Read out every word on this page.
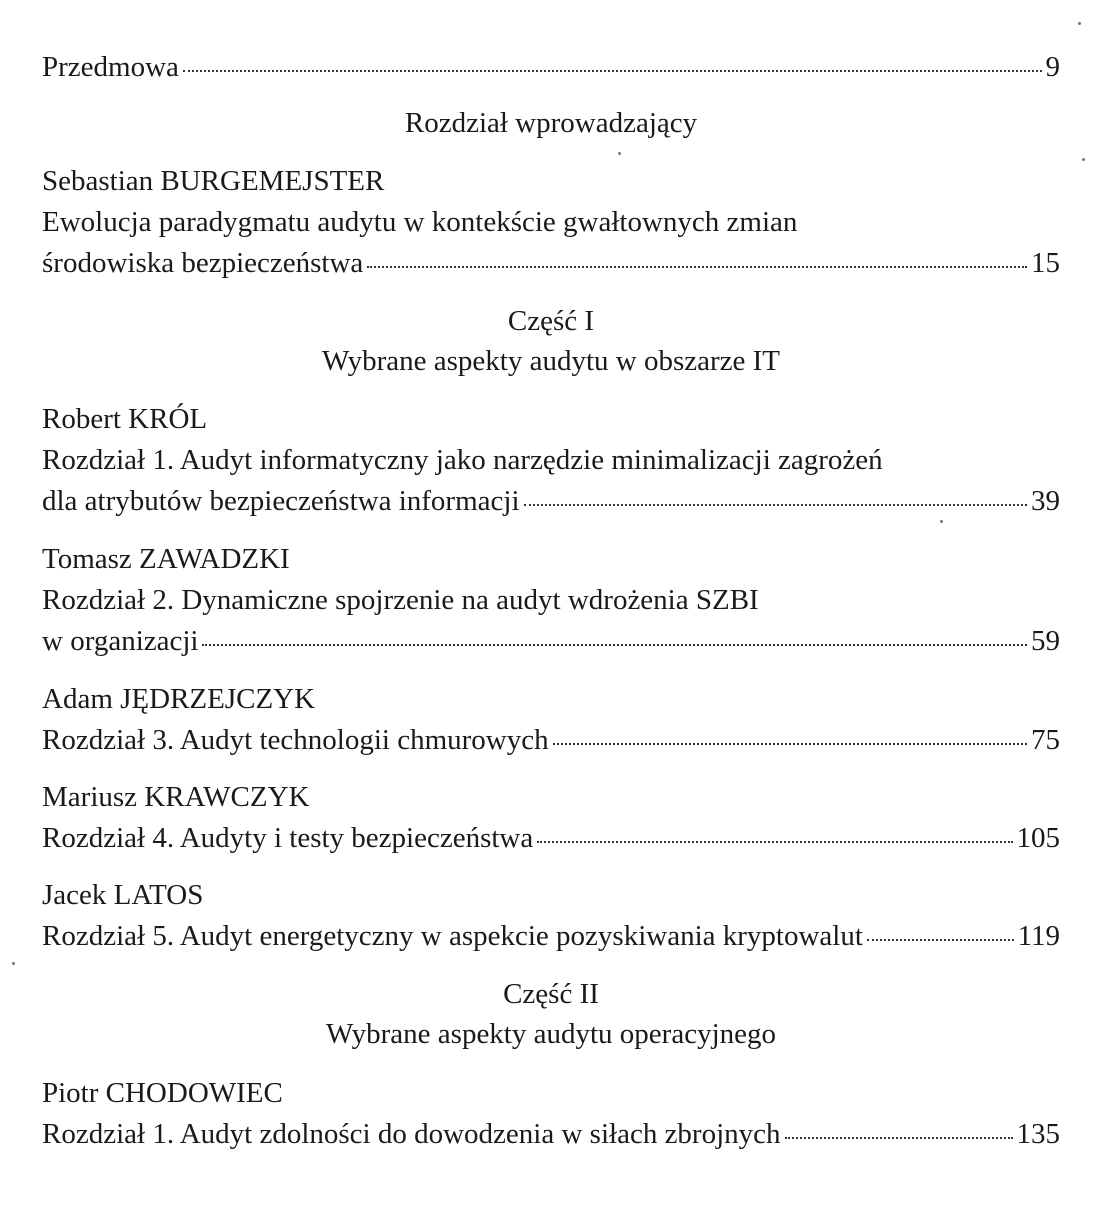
Przedmowa	9
Rozdział wprowadzający
Sebastian BURGEMEJSTER
Ewolucja paradygmatu audytu w kontekście gwałtownych zmian
środowiska bezpieczeństwa	15
Część I
Wybrane aspekty audytu w obszarze IT
Robert KRÓL
Rozdział 1. Audyt informatyczny jako narzędzie minimalizacji zagrożeń
dla atrybutów bezpieczeństwa informacji	39
Tomasz ZAWADZKI
Rozdział 2. Dynamiczne spojrzenie na audyt wdrożenia SZBI
w organizacji	59
Adam JĘDRZEJCZYK
Rozdział 3. Audyt technologii chmurowych	75
Mariusz KRAWCZYK
Rozdział 4. Audyty i testy bezpieczeństwa	105
Jacek LATOS
Rozdział 5. Audyt energetyczny w aspekcie pozyskiwania kryptowalut	119
Część II
Wybrane aspekty audytu operacyjnego
Piotr CHODOWIEC
Rozdział 1. Audyt zdolności do dowodzenia w siłach zbrojnych	135
